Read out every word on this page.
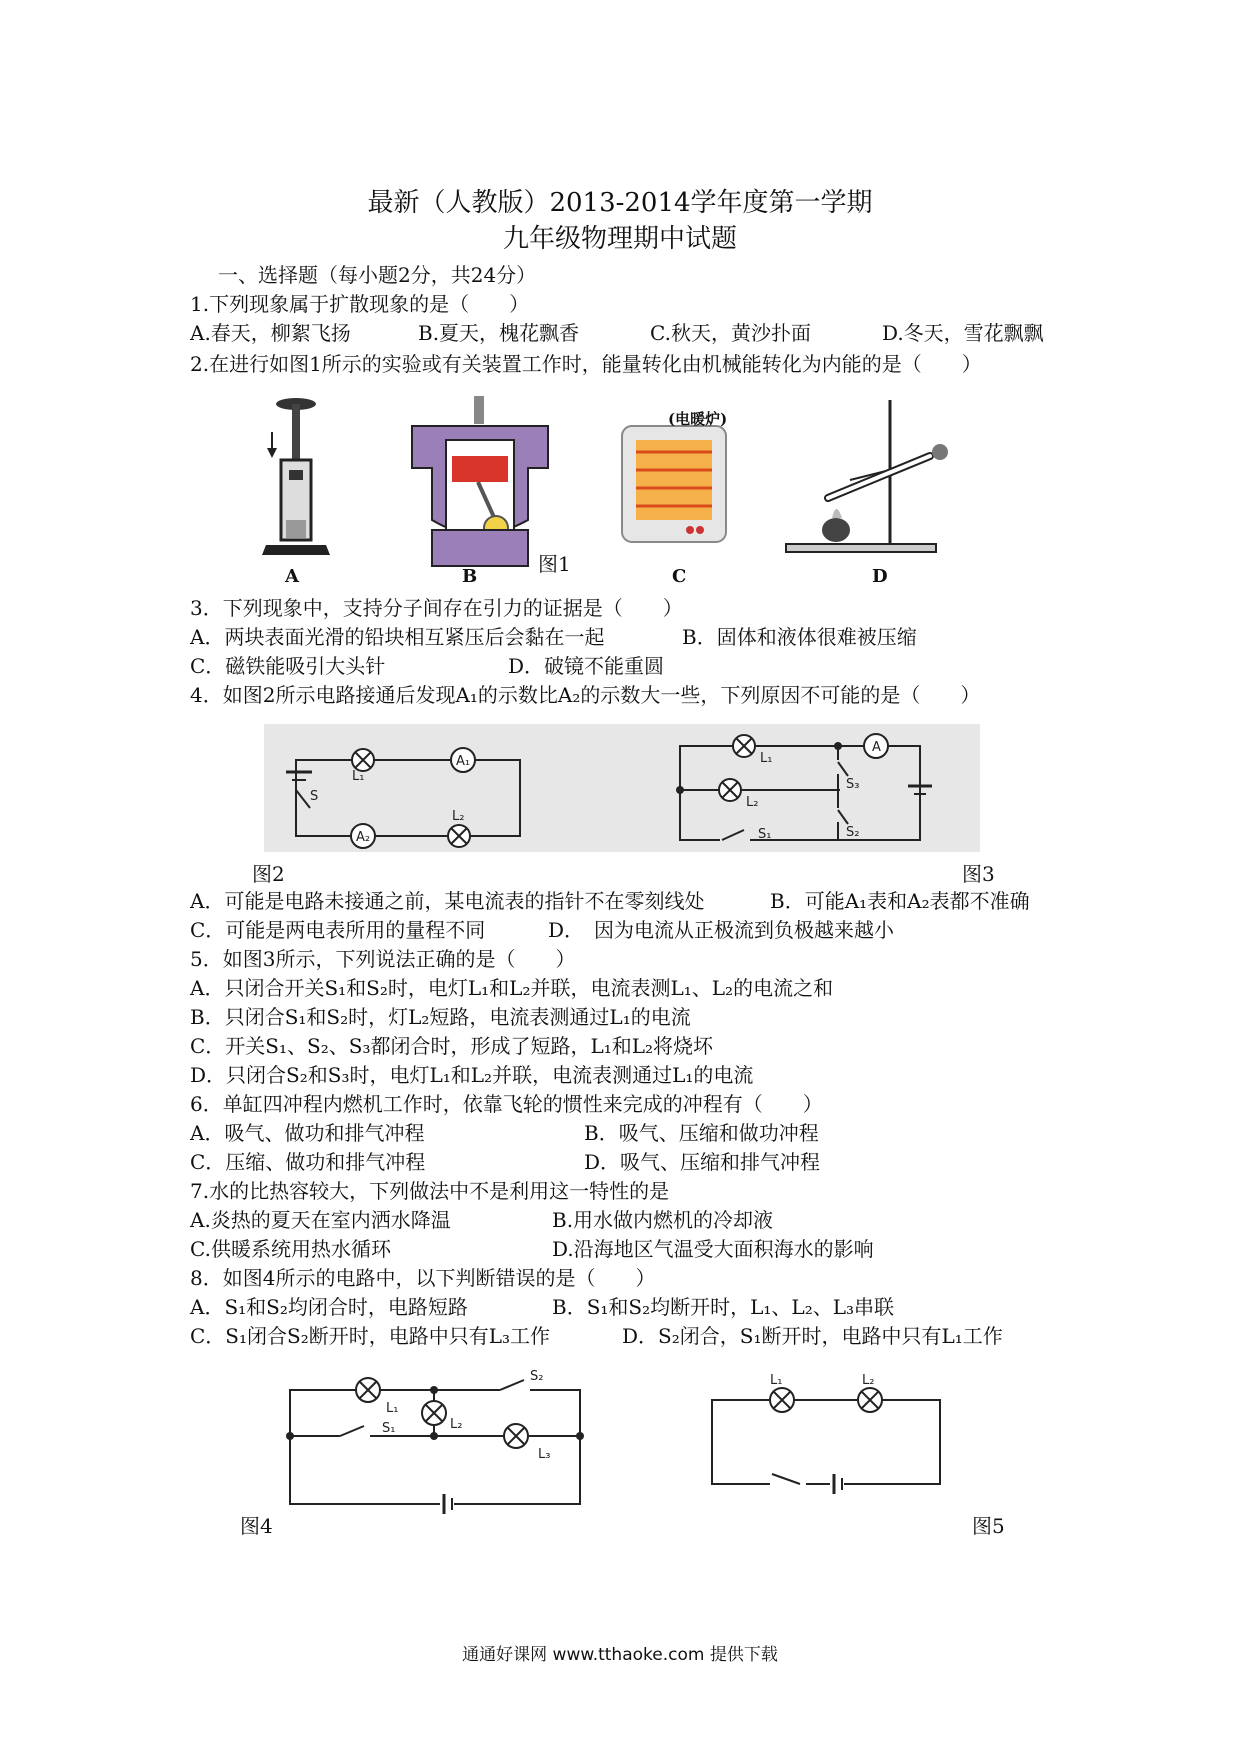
最新（人教版）2013-2014学年度第一学期
九年级物理期中试题
一、选择题（每小题2分，共24分）
1.下列现象属于扩散现象的是（　　）
A.春天，柳絮飞扬	B.夏天，槐花飘香	C.秋天，黄沙扑面	D.冬天，雪花飘飘
2.在进行如图1所示的实验或有关装置工作时，能量转化由机械能转化为内能的是（　　）
L₁
A₁
S
L₂
A₂
L₁
L₂
A
S₃
S₂
S₁
L₁
L₂
L₃
S₂
S₁
L₁	L₂
(电暖炉)
图1
A	B	C	D
3．下列现象中，支持分子间存在引力的证据是（　　）
A．两块表面光滑的铅块相互紧压后会黏在一起	B．固体和液体很难被压缩
C．磁铁能吸引大头针	D．破镜不能重圆
4．如图2所示电路接通后发现A₁的示数比A₂的示数大一些，下列原因不可能的是（　　）
图2	图3
A．可能是电路未接通之前，某电流表的指针不在零刻线处	B．可能A₁表和A₂表都不准确
C．可能是两电表所用的量程不同	D．　因为电流从正极流到负极越来越小
5．如图3所示，下列说法正确的是（　　）
A．只闭合开关S₁和S₂时，电灯L₁和L₂并联，电流表测L₁、L₂的电流之和
B．只闭合S₁和S₂时，灯L₂短路，电流表测通过L₁的电流
C．开关S₁、S₂、S₃都闭合时，形成了短路，L₁和L₂将烧坏
D．只闭合S₂和S₃时，电灯L₁和L₂并联，电流表测通过L₁的电流
6．单缸四冲程内燃机工作时，依靠飞轮的惯性来完成的冲程有（　　）
A．吸气、做功和排气冲程	B．吸气、压缩和做功冲程
C．压缩、做功和排气冲程	D．吸气、压缩和排气冲程
7.水的比热容较大，下列做法中不是利用这一特性的是
A.炎热的夏天在室内洒水降温	B.用水做内燃机的冷却液
C.供暖系统用热水循环	D.沿海地区气温受大面积海水的影响
8．如图4所示的电路中，以下判断错误的是（　　）
A．S₁和S₂均闭合时，电路短路	B．S₁和S₂均断开时，L₁、L₂、L₃串联
C．S₁闭合S₂断开时，电路中只有L₃工作	D．S₂闭合，S₁断开时，电路中只有L₁工作
图4	图5
通通好课网 www.tthaoke.com 提供下载
